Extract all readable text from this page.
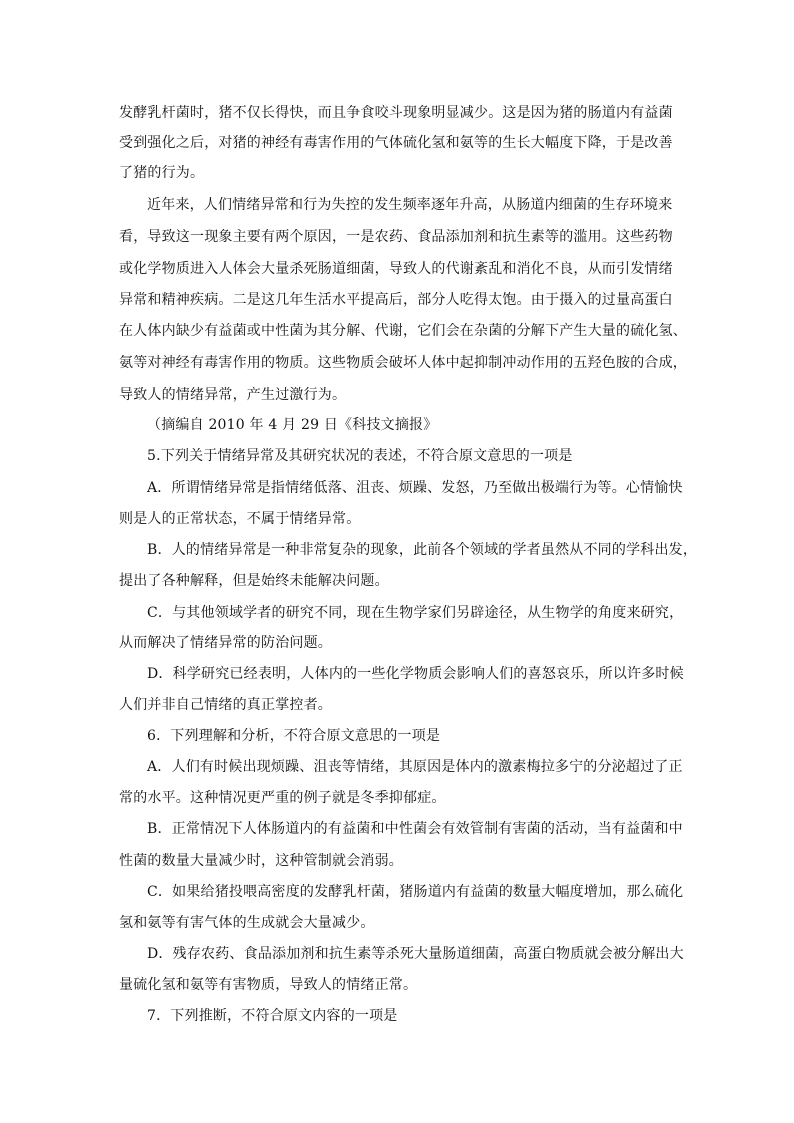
发酵乳杆菌时，猪不仅长得快，而且争食咬斗现象明显减少。这是因为猪的肠道内有益菌
受到强化之后，对猪的神经有毒害作用的气体硫化氢和氨等的生长大幅度下降，于是改善
了猪的行为。
近年来，人们情绪异常和行为失控的发生频率逐年升高，从肠道内细菌的生存环境来
看，导致这一现象主要有两个原因，一是农药、食品添加剂和抗生素等的滥用。这些药物
或化学物质进入人体会大量杀死肠道细菌，导致人的代谢紊乱和消化不良，从而引发情绪
异常和精神疾病。二是这几年生活水平提高后，部分人吃得太饱。由于摄入的过量高蛋白
在人体内缺少有益菌或中性菌为其分解、代谢，它们会在杂菌的分解下产生大量的硫化氢、
氨等对神经有毒害作用的物质。这些物质会破坏人体中起抑制冲动作用的五羟色胺的合成，
导致人的情绪异常，产生过激行为。
（摘编自 2010 年 4 月 29 日《科技文摘报》
5.下列关于情绪异常及其研究状况的表述，不符合原文意思的一项是
A．所谓情绪异常是指情绪低落、沮丧、烦躁、发怒，乃至做出极端行为等。心情愉快
则是人的正常状态，不属于情绪异常。
B．人的情绪异常是一种非常复杂的现象，此前各个领域的学者虽然从不同的学科出发，
提出了各种解释，但是始终未能解决问题。
C．与其他领域学者的研究不同，现在生物学家们另辟途径，从生物学的角度来研究，
从而解决了情绪异常的防治问题。
D．科学研究已经表明，人体内的一些化学物质会影响人们的喜怒哀乐，所以许多时候
人们并非自己情绪的真正掌控者。
6．下列理解和分析，不符合原文意思的一项是
A．人们有时候出现烦躁、沮丧等情绪，其原因是体内的激素梅拉多宁的分泌超过了正
常的水平。这种情况更严重的例子就是冬季抑郁症。
B．正常情况下人体肠道内的有益菌和中性菌会有效管制有害菌的活动，当有益菌和中
性菌的数量大量减少时，这种管制就会消弱。
C．如果给猪投喂高密度的发酵乳杆菌，猪肠道内有益菌的数量大幅度增加，那么硫化
氢和氨等有害气体的生成就会大量减少。
D．残存农药、食品添加剂和抗生素等杀死大量肠道细菌，高蛋白物质就会被分解出大
量硫化氢和氨等有害物质，导致人的情绪正常。
7．下列推断，不符合原文内容的一项是
